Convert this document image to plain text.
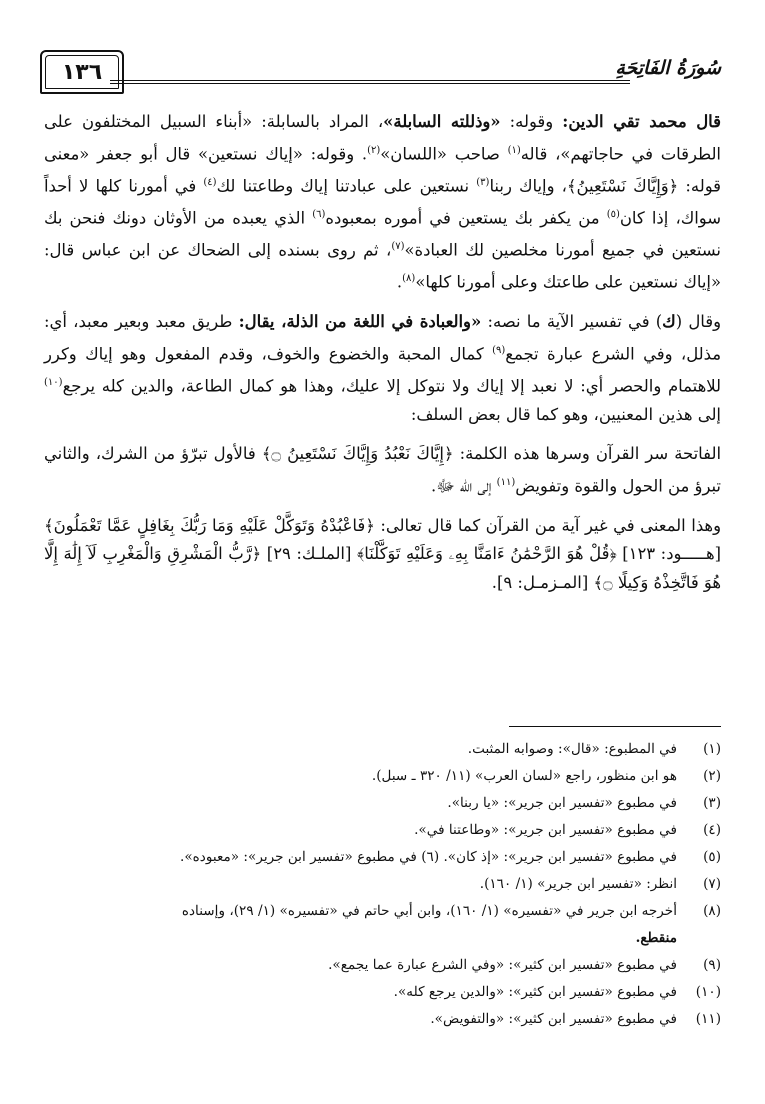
١٣٦	سُورَةُ الفَاتِحَةِ

قال محمد تقي الدين: وقوله: «وذللته السابلة»، المراد بالسابلة: «أبناء السبيل المختلفون على الطرقات في حاجاتهم»، قاله$^{(١)}$ صاحب «اللسان»$^{(٢)}$. وقوله: «إياك نستعين» قال أبو جعفر «معنى قوله: ﴿وَإِيَّاكَ نَسْتَعِينُ﴾، وإياك ربنا$^{(٣)}$ نستعين على عبادتنا إياك وطاعتنا لك$^{(٤)}$ في أمورنا كلها لا أحداً سواك، إذا كان$^{(٥)}$ من يكفر بك يستعين في أموره بمعبوده$^{(٦)}$ الذي يعبده من الأوثان دونك فنحن بك نستعين في جميع أمورنا مخلصين لك العبادة»$^{(٧)}$، ثم روى بسنده إلى الضحاك عن ابن عباس قال: «إياك نستعين على طاعتك وعلى أمورنا كلها»$^{(٨)}$.

وقال (ك) في تفسير الآية ما نصه: «والعبادة في اللغة من الذلة، يقال: طريق معبد وبعير معبد، أي: مذلل، وفي الشرع عبارة تجمع$^{(٩)}$ كمال المحبة والخضوع والخوف، وقدم المفعول وهو إياك وكرر للاهتمام والحصر أي: لا نعبد إلا إياك ولا نتوكل إلا عليك، وهذا هو كمال الطاعة، والدين كله يرجع$^{(١٠)}$ إلى هذين المعنيين، وهو كما قال بعض السلف:

الفاتحة سر القرآن وسرها هذه الكلمة: ﴿إِيَّاكَ نَعْبُدُ وَإِيَّاكَ نَسْتَعِينُ ۝﴾ فالأول تبرّؤ من الشرك، والثاني تبرؤ من الحول والقوة وتفويض$^{(١١)}$ إلى الله ﷻ.

وهذا المعنى في غير آية من القرآن كما قال تعالى: ﴿فَاعْبُدْهُ وَتَوَكَّلْ عَلَيْهِ وَمَا رَبُّكَ بِغَافِلٍ عَمَّا تَعْمَلُونَ﴾ [هـــــود: ١٢٣] ﴿قُلْ هُوَ الرَّحْمَٰنُ ءَامَنَّا بِهِۦ وَعَلَيْهِ تَوَكَّلْنَا﴾ [الملـك: ٢٩] ﴿رَّبُّ الْمَشْرِقِ وَالْمَغْرِبِ لَآ إِلَٰهَ إِلَّا هُوَ فَاتَّخِذْهُ وَكِيلًا ۝﴾ [المـزمـل: ٩].

(١)
في المطبوع: «قال»: وصوابه المثبت.
(٢)
هو ابن منظور، راجع «لسان العرب» (١١/ ٣٢٠ ـ سبل).
(٣)
في مطبوع «تفسير ابن جرير»: «يا ربنا».
(٤)
في مطبوع «تفسير ابن جرير»: «وطاعتنا في».
(٥)
في مطبوع «تفسير ابن جرير»: «إذ كان». (٦) في مطبوع «تفسير ابن جرير»: «معبوده».
(٧)
انظر: «تفسير ابن جرير» (١/ ١٦٠).
(٨)
أخرجه ابن جرير في «تفسيره» (١/ ١٦٠)، وابن أبي حاتم في «تفسيره» (١/ ٢٩)، وإسناده
منقطع.
(٩)
في مطبوع «تفسير ابن كثير»: «وفي الشرع عبارة عما يجمع».
(١٠)
في مطبوع «تفسير ابن كثير»: «والدين يرجع كله».
(١١)
في مطبوع «تفسير ابن كثير»: «والتفويض».
